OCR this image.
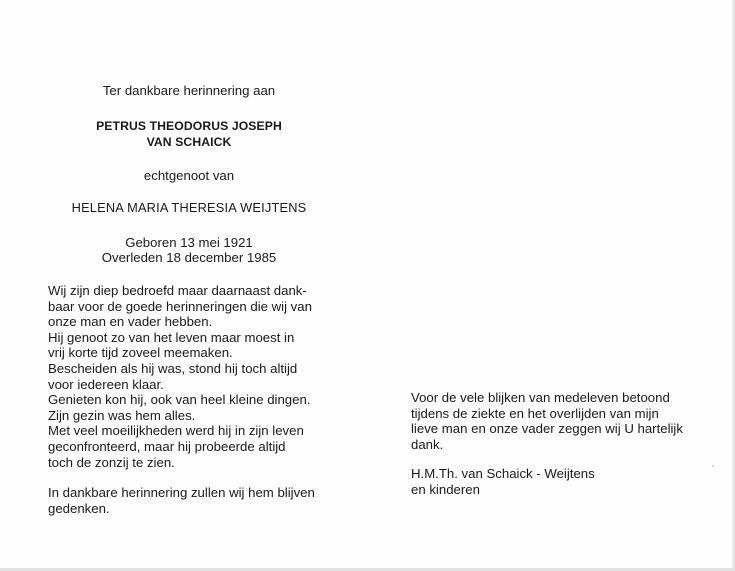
Ter dankbare herinnering aan

PETRUS THEODORUS JOSEPH
VAN SCHAICK

echtgenoot van

HELENA MARIA THERESIA WEIJTENS

Geboren 13 mei 1921
Overleden 18 december 1985
Wij zijn diep bedroefd maar daarnaast dank-
baar voor de goede herinneringen die wij van
onze man en vader hebben.
Hij genoot zo van het leven maar moest in
vrij korte tijd zoveel meemaken.
Bescheiden als hij was, stond hij toch altijd
voor iedereen klaar.
Genieten kon hij, ook van heel kleine dingen.
Zijn gezin was hem alles.
Met veel moeilijkheden werd hij in zijn leven
geconfronteerd, maar hij probeerde altijd
toch de zonzij te zien.
In dankbare herinnering zullen wij hem blijven
gedenken.
Voor de vele blijken van medeleven betoond
tijdens de ziekte en het overlijden van mijn
lieve man en onze vader zeggen wij U hartelijk
dank.
H.M.Th. van Schaick - Weijtens
en kinderen
